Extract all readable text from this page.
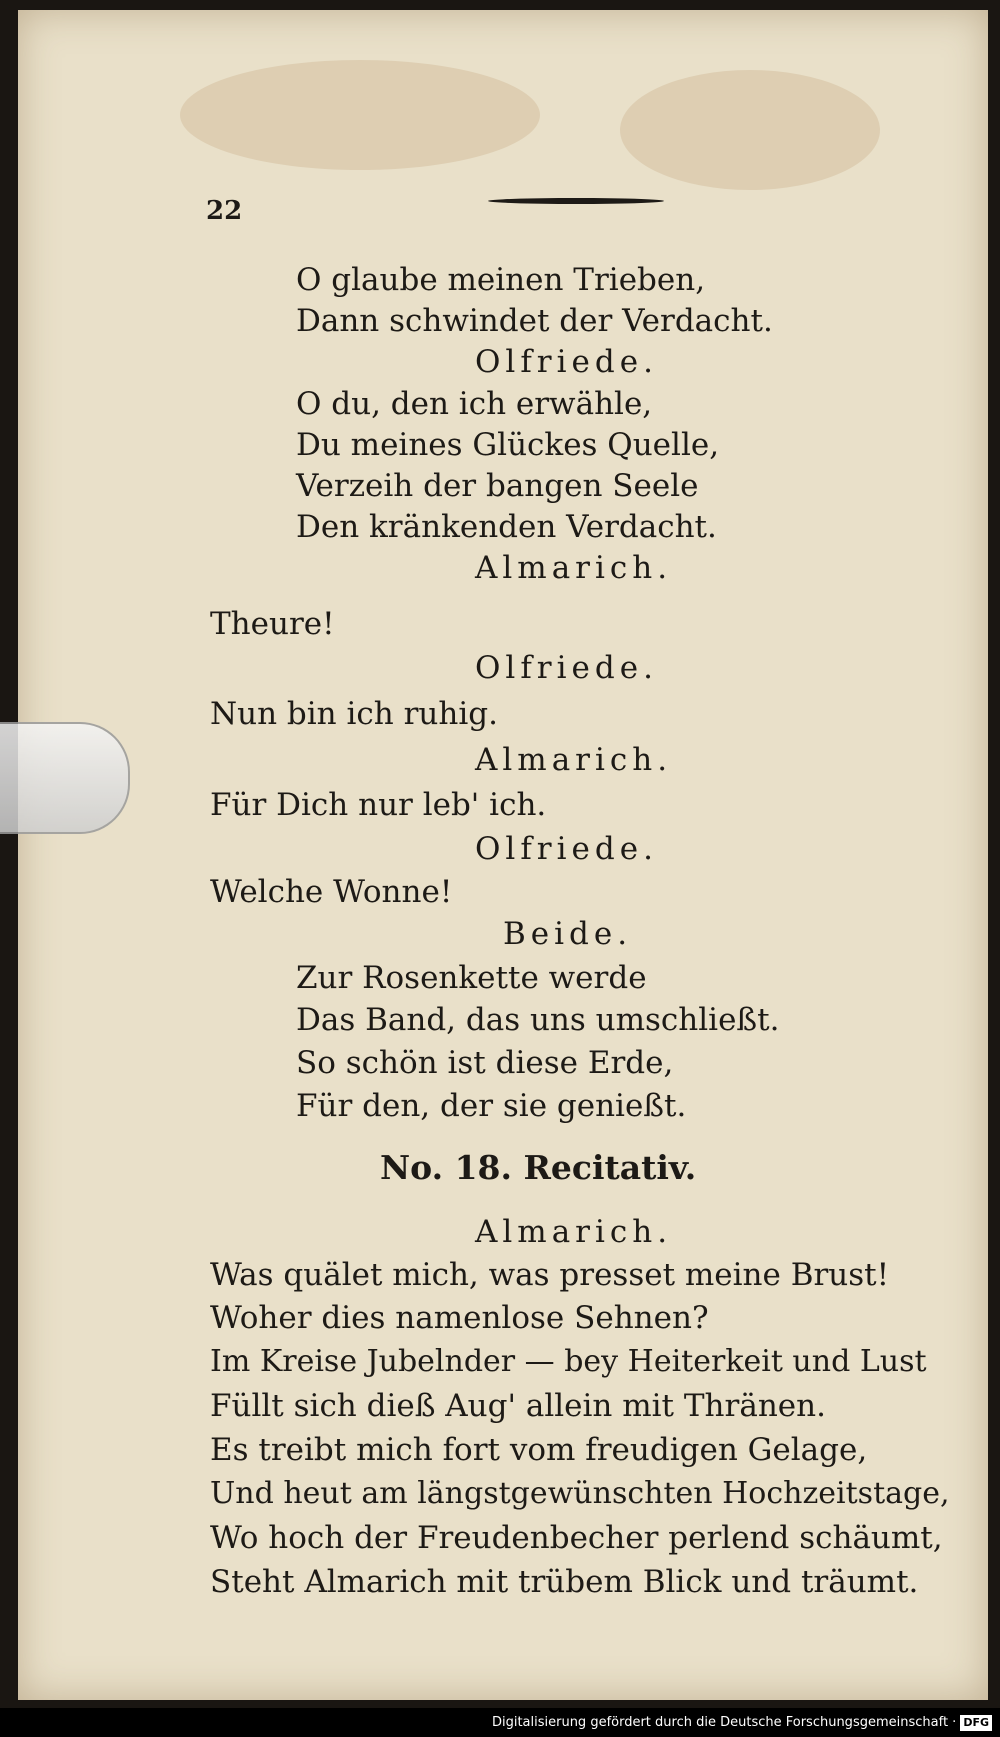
22
O glaube meinen Trieben,
Dann schwindet der Verdacht.
Olfriede.
O du, den ich erwähle,
Du meines Glückes Quelle,
Verzeih der bangen Seele
Den kränkenden Verdacht.
Almarich.
Theure!
Olfriede.
Nun bin ich ruhig.
Almarich.
Für Dich nur leb' ich.
Olfriede.
Welche Wonne!
Beide.
Zur Rosenkette werde
Das Band, das uns umschließt.
So schön ist diese Erde,
Für den, der sie genießt.
No. 18. Recitativ.
Almarich.
Was quälet mich, was presset meine Brust!
Woher dies namenlose Sehnen?
Im Kreise Jubelnder — bey Heiterkeit und Lust
Füllt sich dieß Aug' allein mit Thränen.
Es treibt mich fort vom freudigen Gelage,
Und heut am längstgewünschten Hochzeitstage,
Wo hoch der Freudenbecher perlend schäumt,
Steht Almarich mit trübem Blick und träumt.
Digitalisierung gefördert durch die Deutsche Forschungsgemeinschaft · DFG
